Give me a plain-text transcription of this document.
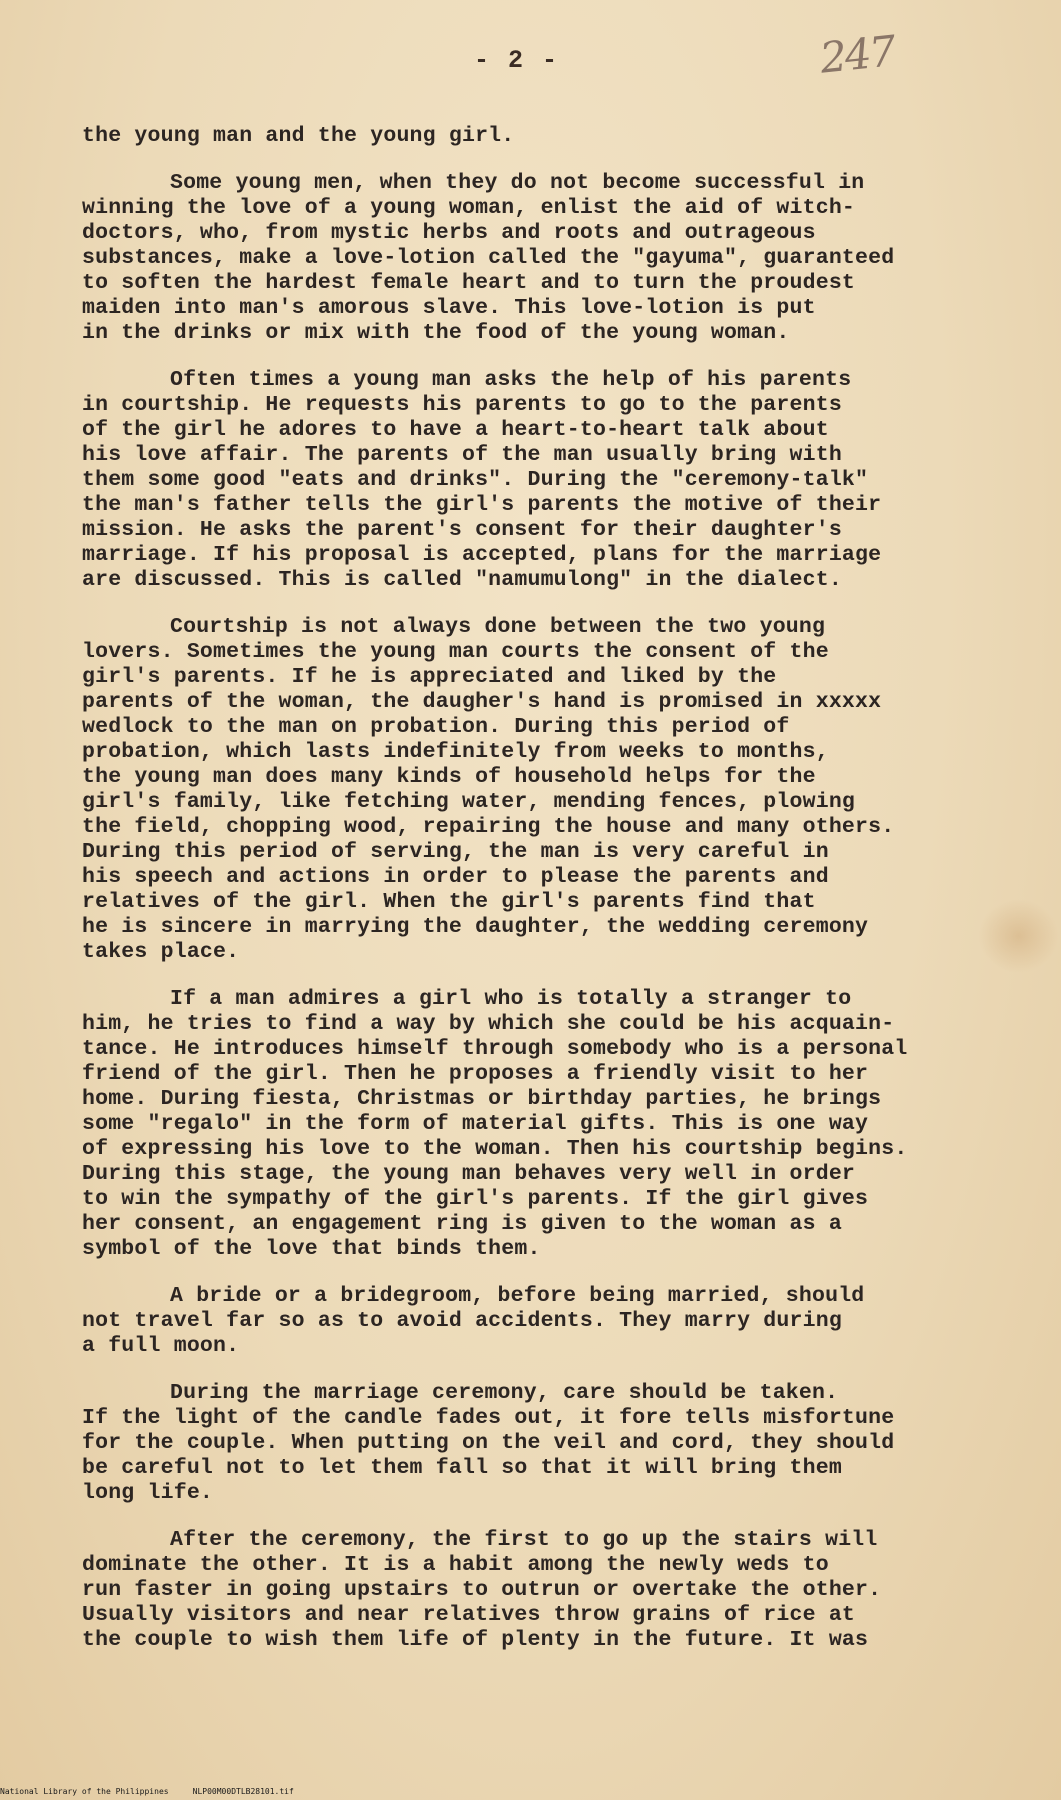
- 2 -	247
the young man and the young girl.
Some young men, when they do not become successful in
winning the love of a young woman, enlist the aid of witch-
doctors, who, from mystic herbs and roots and outrageous
substances, make a love-lotion called the "gayuma", guaranteed
to soften the hardest female heart and to turn the proudest
maiden into man's amorous slave. This love-lotion is put
in the drinks or mix with the food of the young woman.
Often times a young man asks the help of his parents
in courtship. He requests his parents to go to the parents
of the girl he adores to have a heart-to-heart talk about
his love affair. The parents of the man usually bring with
them some good "eats and drinks". During the "ceremony-talk"
the man's father tells the girl's parents the motive of their
mission. He asks the parent's consent for their daughter's
marriage. If his proposal is accepted, plans for the marriage
are discussed. This is called "namumulong" in the dialect.
Courtship is not always done between the two young
lovers. Sometimes the young man courts the consent of the
girl's parents. If he is appreciated and liked by the
parents of the woman, the daugher's hand is promised in xxxxx
wedlock to the man on probation. During this period of
probation, which lasts indefinitely from weeks to months,
the young man does many kinds of household helps for the
girl's family, like fetching water, mending fences, plowing
the field, chopping wood, repairing the house and many others.
During this period of serving, the man is very careful in
his speech and actions in order to please the parents and
relatives of the girl. When the girl's parents find that
he is sincere in marrying the daughter, the wedding ceremony
takes place.
If a man admires a girl who is totally a stranger to
him, he tries to find a way by which she could be his acquain-
tance. He introduces himself through somebody who is a personal
friend of the girl. Then he proposes a friendly visit to her
home. During fiesta, Christmas or birthday parties, he brings
some "regalo" in the form of material gifts. This is one way
of expressing his love to the woman. Then his courtship begins.
During this stage, the young man behaves very well in order
to win the sympathy of the girl's parents. If the girl gives
her consent, an engagement ring is given to the woman as a
symbol of the love that binds them.
A bride or a bridegroom, before being married, should
not travel far so as to avoid accidents. They marry during
a full moon.
During the marriage ceremony, care should be taken.
If the light of the candle fades out, it fore tells misfortune
for the couple. When putting on the veil and cord, they should
be careful not to let them fall so that it will bring them
long life.
After the ceremony, the first to go up the stairs will
dominate the other. It is a habit among the newly weds to
run faster in going upstairs to outrun or overtake the other.
Usually visitors and near relatives throw grains of rice at
the couple to wish them life of plenty in the future. It was
National Library of the Philippines     NLP00M00DTLB28101.tif
